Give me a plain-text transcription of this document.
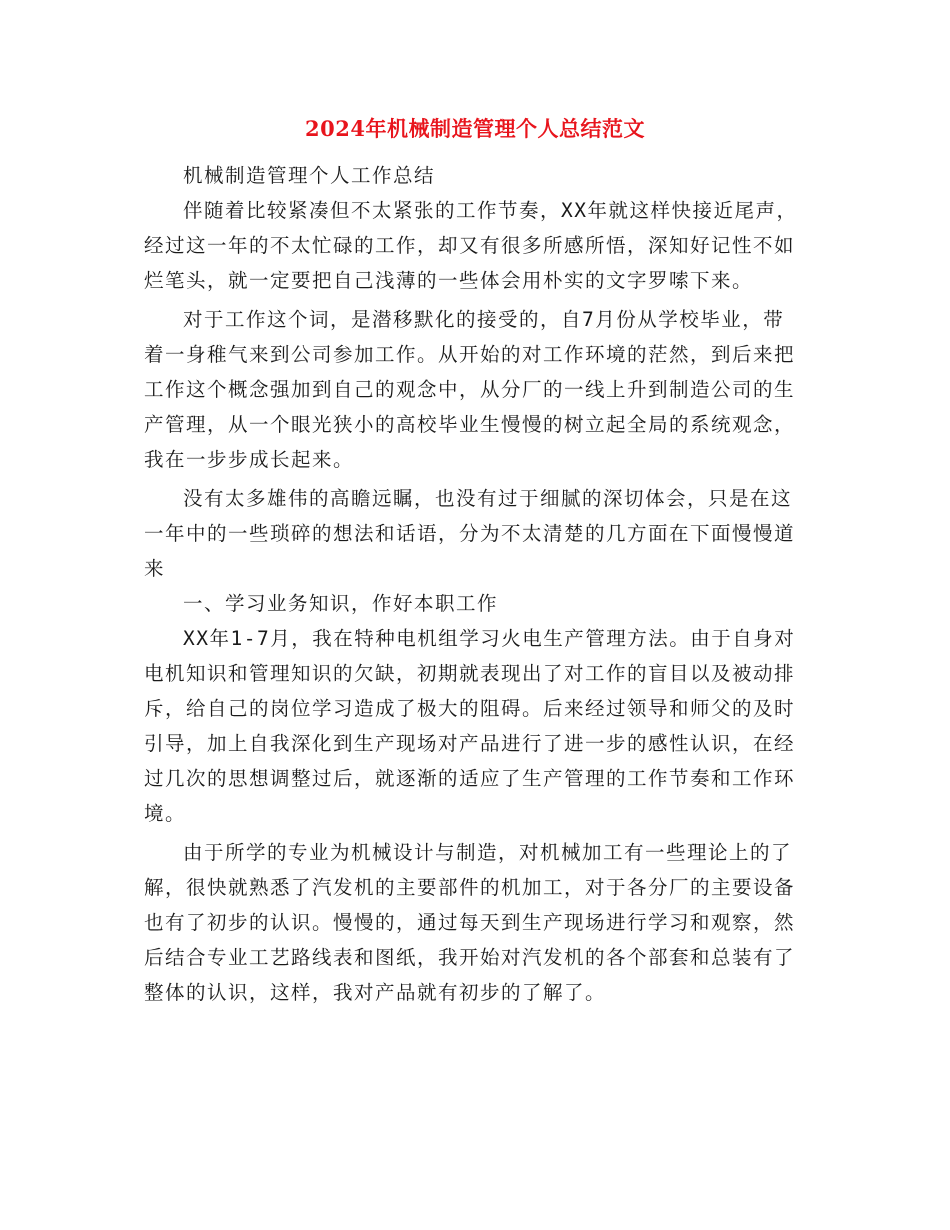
2024年机械制造管理个人总结范文

机械制造管理个人工作总结

伴随着比较紧凑但不太紧张的工作节奏，XX年就这样快接近尾声，经过这一年的不太忙碌的工作，却又有很多所感所悟，深知好记性不如烂笔头，就一定要把自己浅薄的一些体会用朴实的文字罗嗦下来。

对于工作这个词，是潜移默化的接受的，自7月份从学校毕业，带着一身稚气来到公司参加工作。从开始的对工作环境的茫然，到后来把工作这个概念强加到自己的观念中，从分厂的一线上升到制造公司的生产管理，从一个眼光狭小的高校毕业生慢慢的树立起全局的系统观念，我在一步步成长起来。

没有太多雄伟的高瞻远瞩，也没有过于细腻的深切体会，只是在这一年中的一些琐碎的想法和话语，分为不太清楚的几方面在下面慢慢道来

一、学习业务知识，作好本职工作

XX年1-7月，我在特种电机组学习火电生产管理方法。由于自身对电机知识和管理知识的欠缺，初期就表现出了对工作的盲目以及被动排斥，给自己的岗位学习造成了极大的阻碍。后来经过领导和师父的及时引导，加上自我深化到生产现场对产品进行了进一步的感性认识，在经过几次的思想调整过后，就逐渐的适应了生产管理的工作节奏和工作环境。

由于所学的专业为机械设计与制造，对机械加工有一些理论上的了解，很快就熟悉了汽发机的主要部件的机加工，对于各分厂的主要设备也有了初步的认识。慢慢的，通过每天到生产现场进行学习和观察，然后结合专业工艺路线表和图纸，我开始对汽发机的各个部套和总装有了整体的认识，这样，我对产品就有初步的了解了。
